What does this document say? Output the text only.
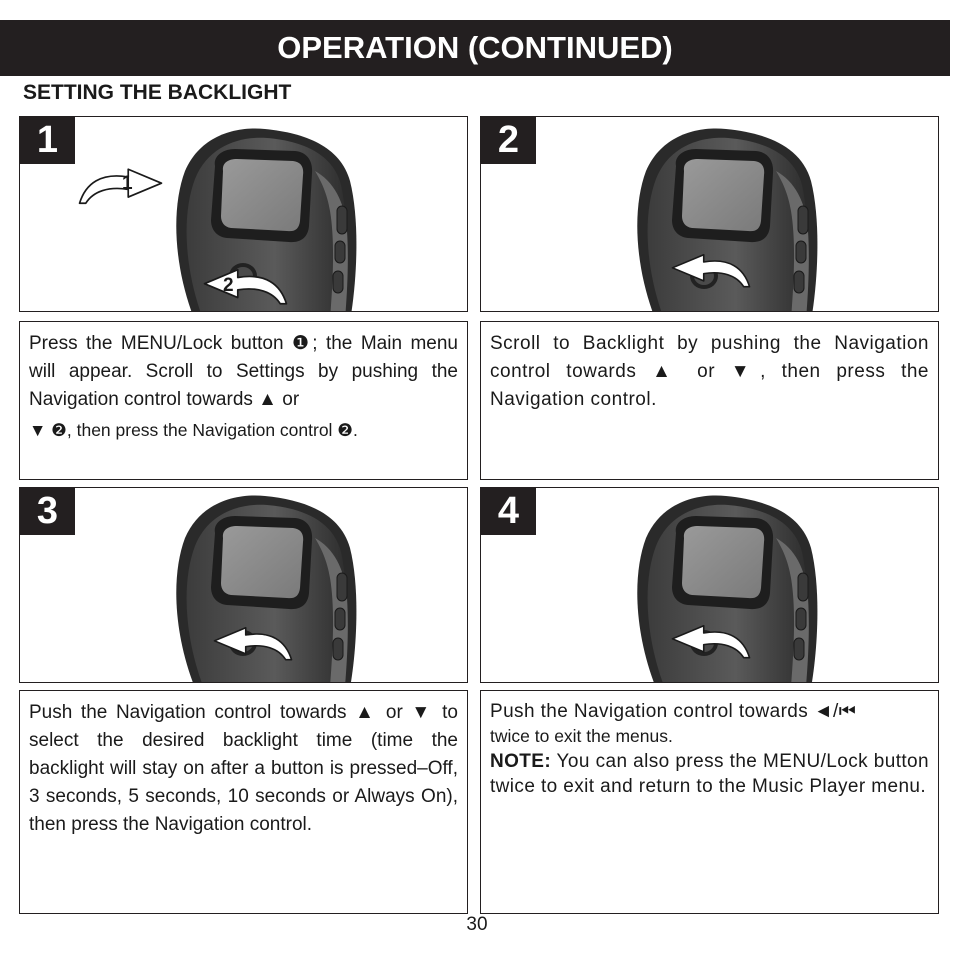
OPERATION (CONTINUED)
SETTING THE BACKLIGHT
1
1
2
2

Press the MENU/Lock button ❶; the Main menu will appear. Scroll to Settings by pushing the Navigation control towards ▲ or

▼ ❷, then press the Navigation control ❷.

Scroll to Backlight by pushing the Navigation control towards ▲ or ▼, then press the Navigation control.

3	4

Push the Navigation control towards ▲ or ▼ to select the desired backlight time (time the backlight will stay on after a button is pressed–Off, 3 seconds, 5 seconds, 10 seconds or Always On), then press the Navigation control.

Push the Navigation control towards ◄/⏮

twice to exit the menus.

NOTE: You can also press the MENU/Lock button twice to exit and return to the Music Player menu.

30
